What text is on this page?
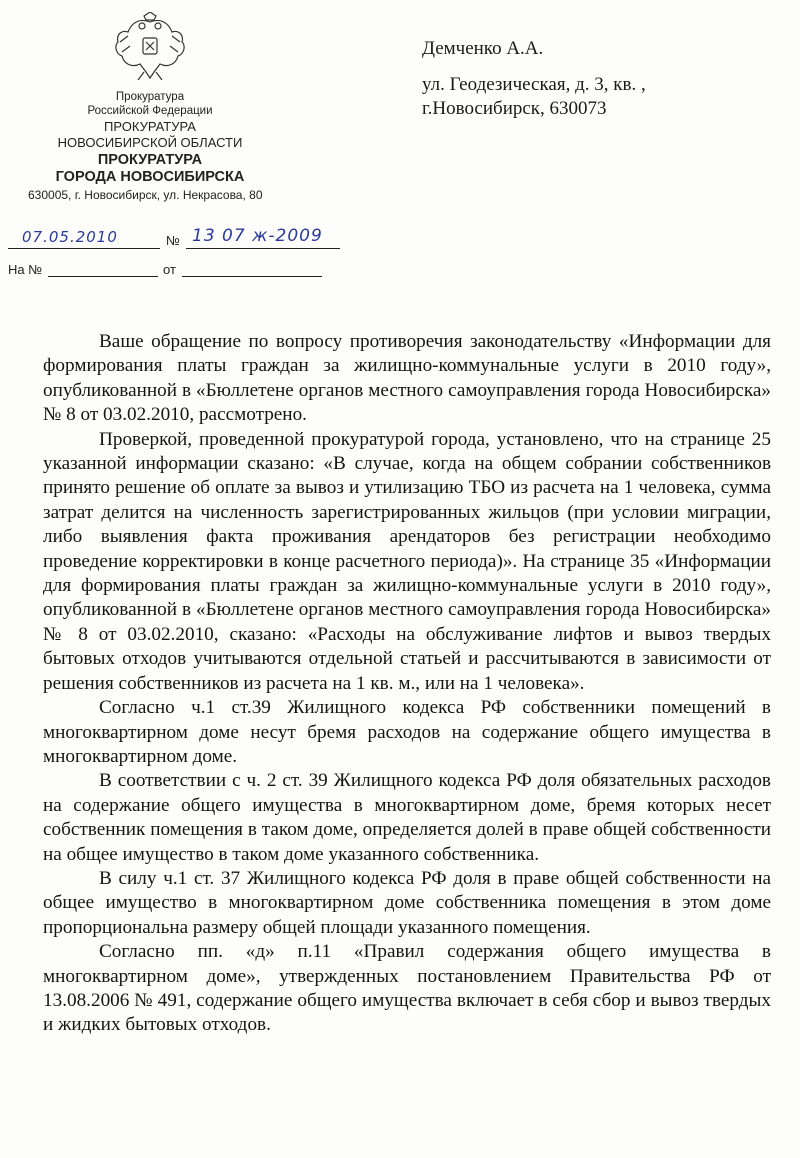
Прокуратура
Российской Федерации
ПРОКУРАТУРА
НОВОСИБИРСКОЙ ОБЛАСТИ
ПРОКУРАТУРА
ГОРОДА НОВОСИБИРСКА
630005, г. Новосибирск, ул. Некрасова, 80
07.05.2010	№ 13 07 ж-2009
На №	от
Демченко А.А.
ул. Геодезическая, д. 3, кв. ,
г.Новосибирск, 630073

Ваше обращение по вопросу противоречия законодательству «Информации для формирования платы граждан за жилищно-коммунальные услуги в 2010 году», опубликованной в «Бюллетене органов местного самоуправления города Новосибирска» № 8 от 03.02.2010, рассмотрено.

Проверкой, проведенной прокуратурой города, установлено, что на странице 25 указанной информации сказано: «В случае, когда на общем собрании собственников принято решение об оплате за вывоз и утилизацию ТБО из расчета на 1 человека, сумма затрат делится на численность зарегистрированных жильцов (при условии миграции, либо выявления факта проживания арендаторов без регистрации необходимо проведение корректировки в конце расчетного периода)». На странице 35 «Информации для формирования платы граждан за жилищно-коммунальные услуги в 2010 году», опубликованной в «Бюллетене органов местного самоуправления города Новосибирска» № 8 от 03.02.2010, сказано: «Расходы на обслуживание лифтов и вывоз твердых бытовых отходов учитываются отдельной статьей и рассчитываются в зависимости от решения собственников из расчета на 1 кв. м., или на 1 человека».

Согласно ч.1 ст.39 Жилищного кодекса РФ собственники помещений в многоквартирном доме несут бремя расходов на содержание общего имущества в многоквартирном доме.

В соответствии с ч. 2 ст. 39 Жилищного кодекса РФ доля обязательных расходов на содержание общего имущества в многоквартирном доме, бремя которых несет собственник помещения в таком доме, определяется долей в праве общей собственности на общее имущество в таком доме указанного собственника.

В силу ч.1 ст. 37 Жилищного кодекса РФ доля в праве общей собственности на общее имущество в многоквартирном доме собственника помещения в этом доме пропорциональна размеру общей площади указанного помещения.

Согласно пп. «д» п.11 «Правил содержания общего имущества в многоквартирном доме», утвержденных постановлением Правительства РФ от 13.08.2006 № 491, содержание общего имущества включает в себя сбор и вывоз твердых и жидких бытовых отходов.
